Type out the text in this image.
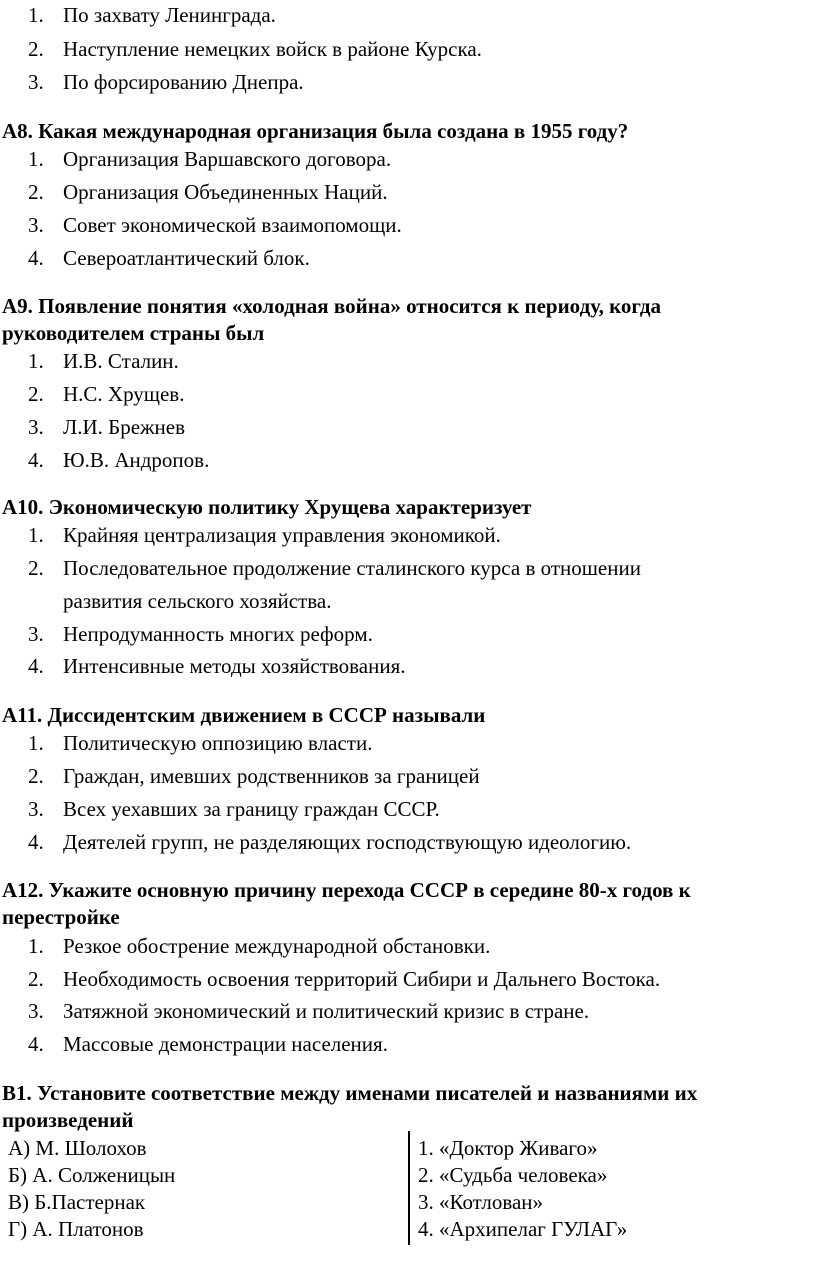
1. По захвату Ленинграда.
2. Наступление немецких войск в районе Курска.
3. По форсированию Днепра.
А8. Какая международная организация была создана в 1955 году?
1. Организация Варшавского договора.
2. Организация Объединенных Наций.
3. Совет экономической взаимопомощи.
4. Североатлантический блок.
А9. Появление понятия «холодная война» относится к периоду, когда
руководителем страны был
1. И.В. Сталин.
2. Н.С. Хрущев.
3. Л.И. Брежнев
4. Ю.В. Андропов.
А10. Экономическую политику Хрущева характеризует
1. Крайняя централизация управления экономикой.
2. Последовательное продолжение сталинского курса в отношении
развития сельского хозяйства.
3. Непродуманность многих реформ.
4. Интенсивные методы хозяйствования.
А11. Диссидентским движением в СССР называли
1. Политическую оппозицию власти.
2. Граждан, имевших родственников за границей
3. Всех уехавших за границу граждан СССР.
4. Деятелей групп, не разделяющих господствующую идеологию.
А12. Укажите основную причину перехода СССР в середине 80-х годов к
перестройке
1. Резкое обострение международной обстановки.
2. Необходимость освоения территорий Сибири и Дальнего Востока.
3. Затяжной экономический и политический кризис в стране.
4. Массовые демонстрации населения.
В1. Установите соответствие между именами писателей и названиями их
произведений
А) М. Шолохов
Б) А. Солженицын
В) Б.Пастернак
Г) А. Платонов
1. «Доктор Живаго»
2. «Судьба человека»
3. «Котлован»
4. «Архипелаг ГУЛАГ»
